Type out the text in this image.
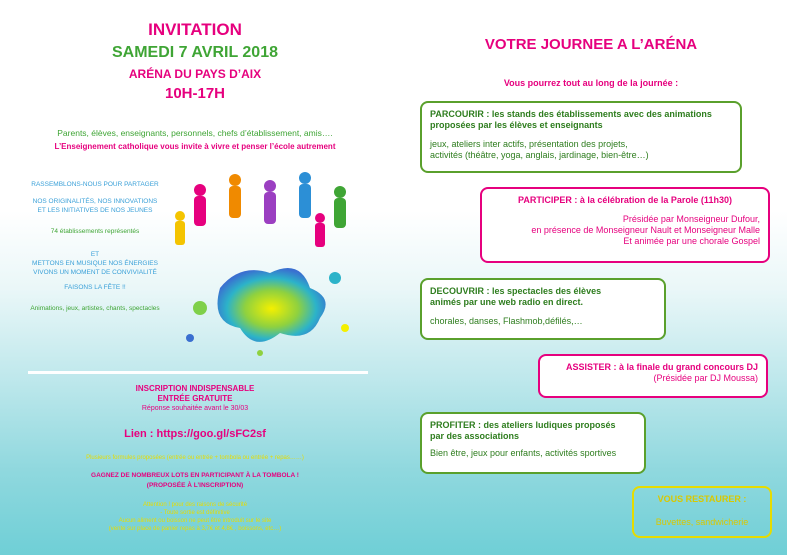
INVITATION
SAMEDI 7 AVRIL 2018
ARÉNA DU PAYS D’AIX
10H-17H
Parents, élèves, enseignants, personnels, chefs d’établissement, amis….
L’Enseignement catholique vous invite à vivre et penser l’école autrement
RASSEMBLONS-NOUS POUR PARTAGER
NOS ORIGINALITÉS, NOS INNOVATIONS
ET LES INITIATIVES DE NOS JEUNES
74 établissements représentés
ET
METTONS EN MUSIQUE NOS ÉNERGIES
VIVONS UN MOMENT DE CONVIVIALITÉ
FAISONS LA FÊTE !!
Animations, jeux, artistes, chants, spectacles
INSCRIPTION INDISPENSABLE
ENTRÉE GRATUITE
Réponse souhaitée avant le 30/03
Lien : https://goo.gl/sFC2sf
Plusieurs formules proposées (entrée ou entrée + tombola ou entrée + repas……)
GAGNEZ DE NOMBREUX LOTS EN PARTICIPANT À LA TOMBOLA !
(PROPOSÉE À L’INSCRIPTION)
Attention ! pour des raisons de sécurité
- Toute sortie est définitive
Aucun aliment ou boisson ne peut être introduit sur le site
(vente sur place de panier repas à 3,7€ et 4,8€ , boissons, etc…)
VOTRE JOURNEE A L’ARÉNA
Vous pourrez tout au long de la journée :
PARCOURIR : les stands des établissements avec des animations
proposées par les élèves et enseignants
jeux, ateliers inter actifs, présentation des projets,
activités (théâtre, yoga, anglais, jardinage, bien-être…)
PARTICIPER : à la célébration de la Parole (11h30)
Présidée par Monseigneur Dufour,
en présence de Monseigneur Nault et Monseigneur Malle
Et animée par une chorale Gospel
DECOUVRIR : les spectacles des élèves
animés par une web radio en direct.
chorales, danses, Flashmob,défilés,…
ASSISTER : à la finale du grand concours DJ
(Présidée par DJ Moussa)
PROFITER : des ateliers ludiques proposés
par des associations
Bien être, jeux pour enfants, activités sportives
VOUS RESTAURER :
Buvettes, sandwicherie
